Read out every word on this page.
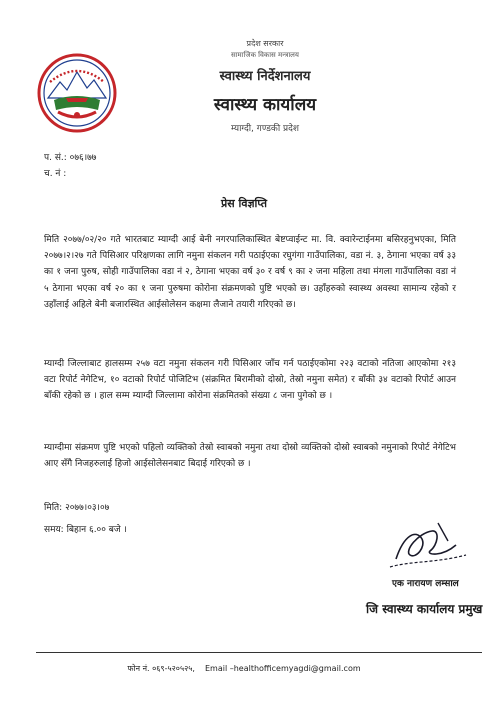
प्रदेश सरकार
सामाजिक विकास मन्त्रालय
स्वास्थ्य निर्देशनालय
स्वास्थ्य कार्यालय
म्याग्दी, गण्डकी प्रदेश
प. सं.: ०७६।७७
च. नं :
प्रेस विज्ञप्ति
मिति २०७७/०२/२० गते भारतबाट म्याग्दी आई बेनी नगरपालिकास्थित बेष्टप्वाईन्ट मा. वि. क्वारेन्टाईनमा बसिरहनुभएका, मिति २०७७।२।२७ गते पिसिआर परिक्षणका लागि नमुना संकलन गरी पठाईएका रघुगंगा गाउँपालिका, वडा नं. ३, ठेगाना भएका वर्ष ३३ का १ जना पुरुष, सोही गाउँपालिका वडा नं २, ठेगाना भएका वर्ष ३० र वर्ष ९ का २ जना महिला तथा मंगला गाउँपालिका वडा नं ५ ठेगाना भएका वर्ष २० का १ जना पुरुषमा कोरोना संक्रमणको पुष्टि भएको छ। उहाँहरुको स्वास्थ्य अवस्था सामान्य रहेको र उहाँलाई अहिले बेनी बजारस्थित आईसोलेसन कक्षमा लैजाने तयारी गरिएको छ।
म्याग्दी जिल्लाबाट हालसम्म २५७ वटा नमुना संकलन गरी पिसिआर जाँच गर्न पठाईएकोमा २२३ वटाको नतिजा आएकोमा २१३ वटा रिपोर्ट नेगेटिभ, १० वटाको रिपोर्ट पोजिटिभ (संक्रमित बिरामीको दोस्रो, तेस्रो नमुना समेत) र बाँकी ३४ वटाको रिपोर्ट आउन बाँकी रहेको छ । हाल सम्म म्याग्दी जिल्लामा कोरोना संक्रमितको संख्या ८ जना पुगेको छ ।
म्याग्दीमा संक्रमण पुष्टि भएको पहिलो व्यक्तिको तेस्रो स्वाबको नमुना तथा दोस्रो व्यक्तिको दोस्रो स्वाबको नमुनाको रिपोर्ट नेगेटिभ आए सँगै निजहरुलाई हिजो आईसोलेसनबाट बिदाई गरिएको छ ।
मिति: २०७७।०३।०७
समय: बिहान ६.०० बजे ।
एक नारायण लम्साल
जि स्वास्थ्य कार्यालय प्रमुख
फोन नं. ०६९-५२०५२५, Email –healthofficemyagdi@gmail.com
